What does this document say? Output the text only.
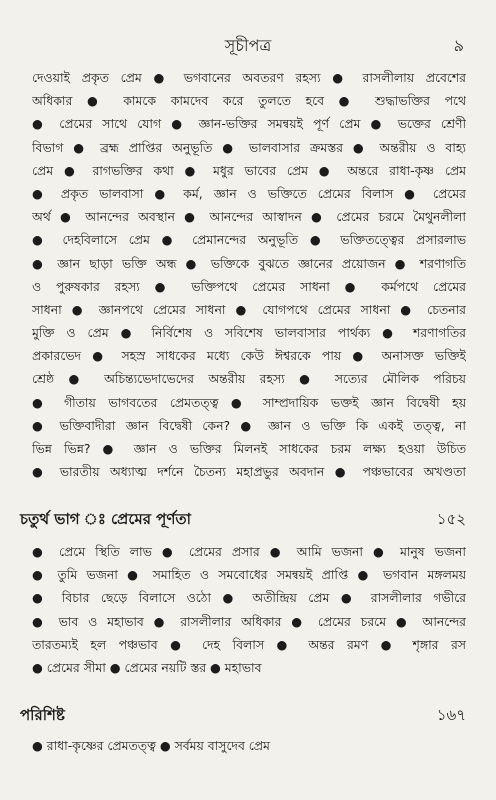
সূচীপত্র	৯
দেওয়াই প্রকৃত প্রেম ● ভগবানের অবতরণ রহস্য ● রাসলীলায় প্রবেশের
অধিকার ● কামকে কামদেব করে তুলতে হবে ● শুদ্ধাভক্তির পথে
● প্রেমের সাথে যোগ ● জ্ঞান-ভক্তির সমন্বয়ই পূর্ণ প্রেম ● ভক্তের শ্রেণী
বিভাগ ● ব্রহ্ম প্রাপ্তির অনুভূতি ● ভালবাসার ক্রমস্তর ● অন্তরীয় ও বাহ্য
প্রেম ● রাগভক্তির কথা ● মধুর ভাবের প্রেম ● অন্তরে রাধা-কৃষ্ণ প্রেম
● প্রকৃত ভালবাসা ● কর্ম, জ্ঞান ও ভক্তিতে প্রেমের বিলাস ● প্রেমের
অর্থ ● আনন্দের অবস্থান ● আনন্দের আস্বাদন ● প্রেমের চরমে মৈথুনলীলা
● দেহবিলাসে প্রেম ● প্রেমানন্দের অনুভূতি ● ভক্তিতত্ত্বের প্রসারলাভ
● জ্ঞান ছাড়া ভক্তি অন্ধ ● ভক্তিকে বুঝতে জ্ঞানের প্রয়োজন ● শরণাগতি
ও পুরুষকার রহস্য ● ভক্তিপথে প্রেমের সাধনা ● কর্মপথে প্রেমের
সাধনা ● জ্ঞানপথে প্রেমের সাধনা ● যোগপথে প্রেমের সাধনা ● চেতনার
মুক্তি ও প্রেম ● নির্বিশেষ ও সবিশেষ ভালবাসার পার্থক্য ● শরণাগতির
প্রকারভেদ ● সহস্র সাধকের মধ্যে কেউ ঈশ্বরকে পায় ● অনাসক্ত ভক্তিই
শ্রেষ্ঠ ● অচিন্ত্যভেদাভেদের অন্তরীয় রহস্য ● সত্যের মৌলিক পরিচয়
● গীতায় ভাগবতের প্রেমতত্ত্ব ● সাম্প্রদায়িক ভক্তই জ্ঞান বিদ্বেষী হয়
● ভক্তিবাদীরা জ্ঞান বিদ্বেষী কেন? ● জ্ঞান ও ভক্তি কি একই তত্ত্ব, না
ভিন্ন ভিন্ন? ● জ্ঞান ও ভক্তির মিলনই সাধকের চরম লক্ষ্য হওয়া উচিত
● ভারতীয় অধ্যাত্ম দর্শনে চৈতন্য মহাপ্রভুর অবদান ● পঞ্চভাবের অখণ্ডতা
চতুর্থ ভাগ ঃ প্রেমের পূর্ণতা	১৫২
● প্রেমে স্থিতি লাভ ● প্রেমের প্রসার ● আমি ভজনা ● মানুষ ভজনা
● তুমি ভজনা ● সমাহিত ও সমবোধের সমন্বয়ই প্রাপ্তি ● ভগবান মঙ্গলময়
● বিচার ছেড়ে বিলাসে ওঠো ● অতীন্দ্রিয় প্রেম ● রাসলীলার গভীরে
● ভাব ও মহাভাব ● রাসলীলার অধিকার ● প্রেমের চরমে ● আনন্দের
তারতম্যই হল পঞ্চভাব ● দেহ বিলাস ● অন্তর রমণ ● শৃঙ্গার রস
● প্রেমের সীমা ● প্রেমের নয়টি স্তর ● মহাভাব
পরিশিষ্ট	১৬৭
● রাধা-কৃষ্ণের প্রেমতত্ত্ব ● সর্বময় বাসুদেব প্রেম
